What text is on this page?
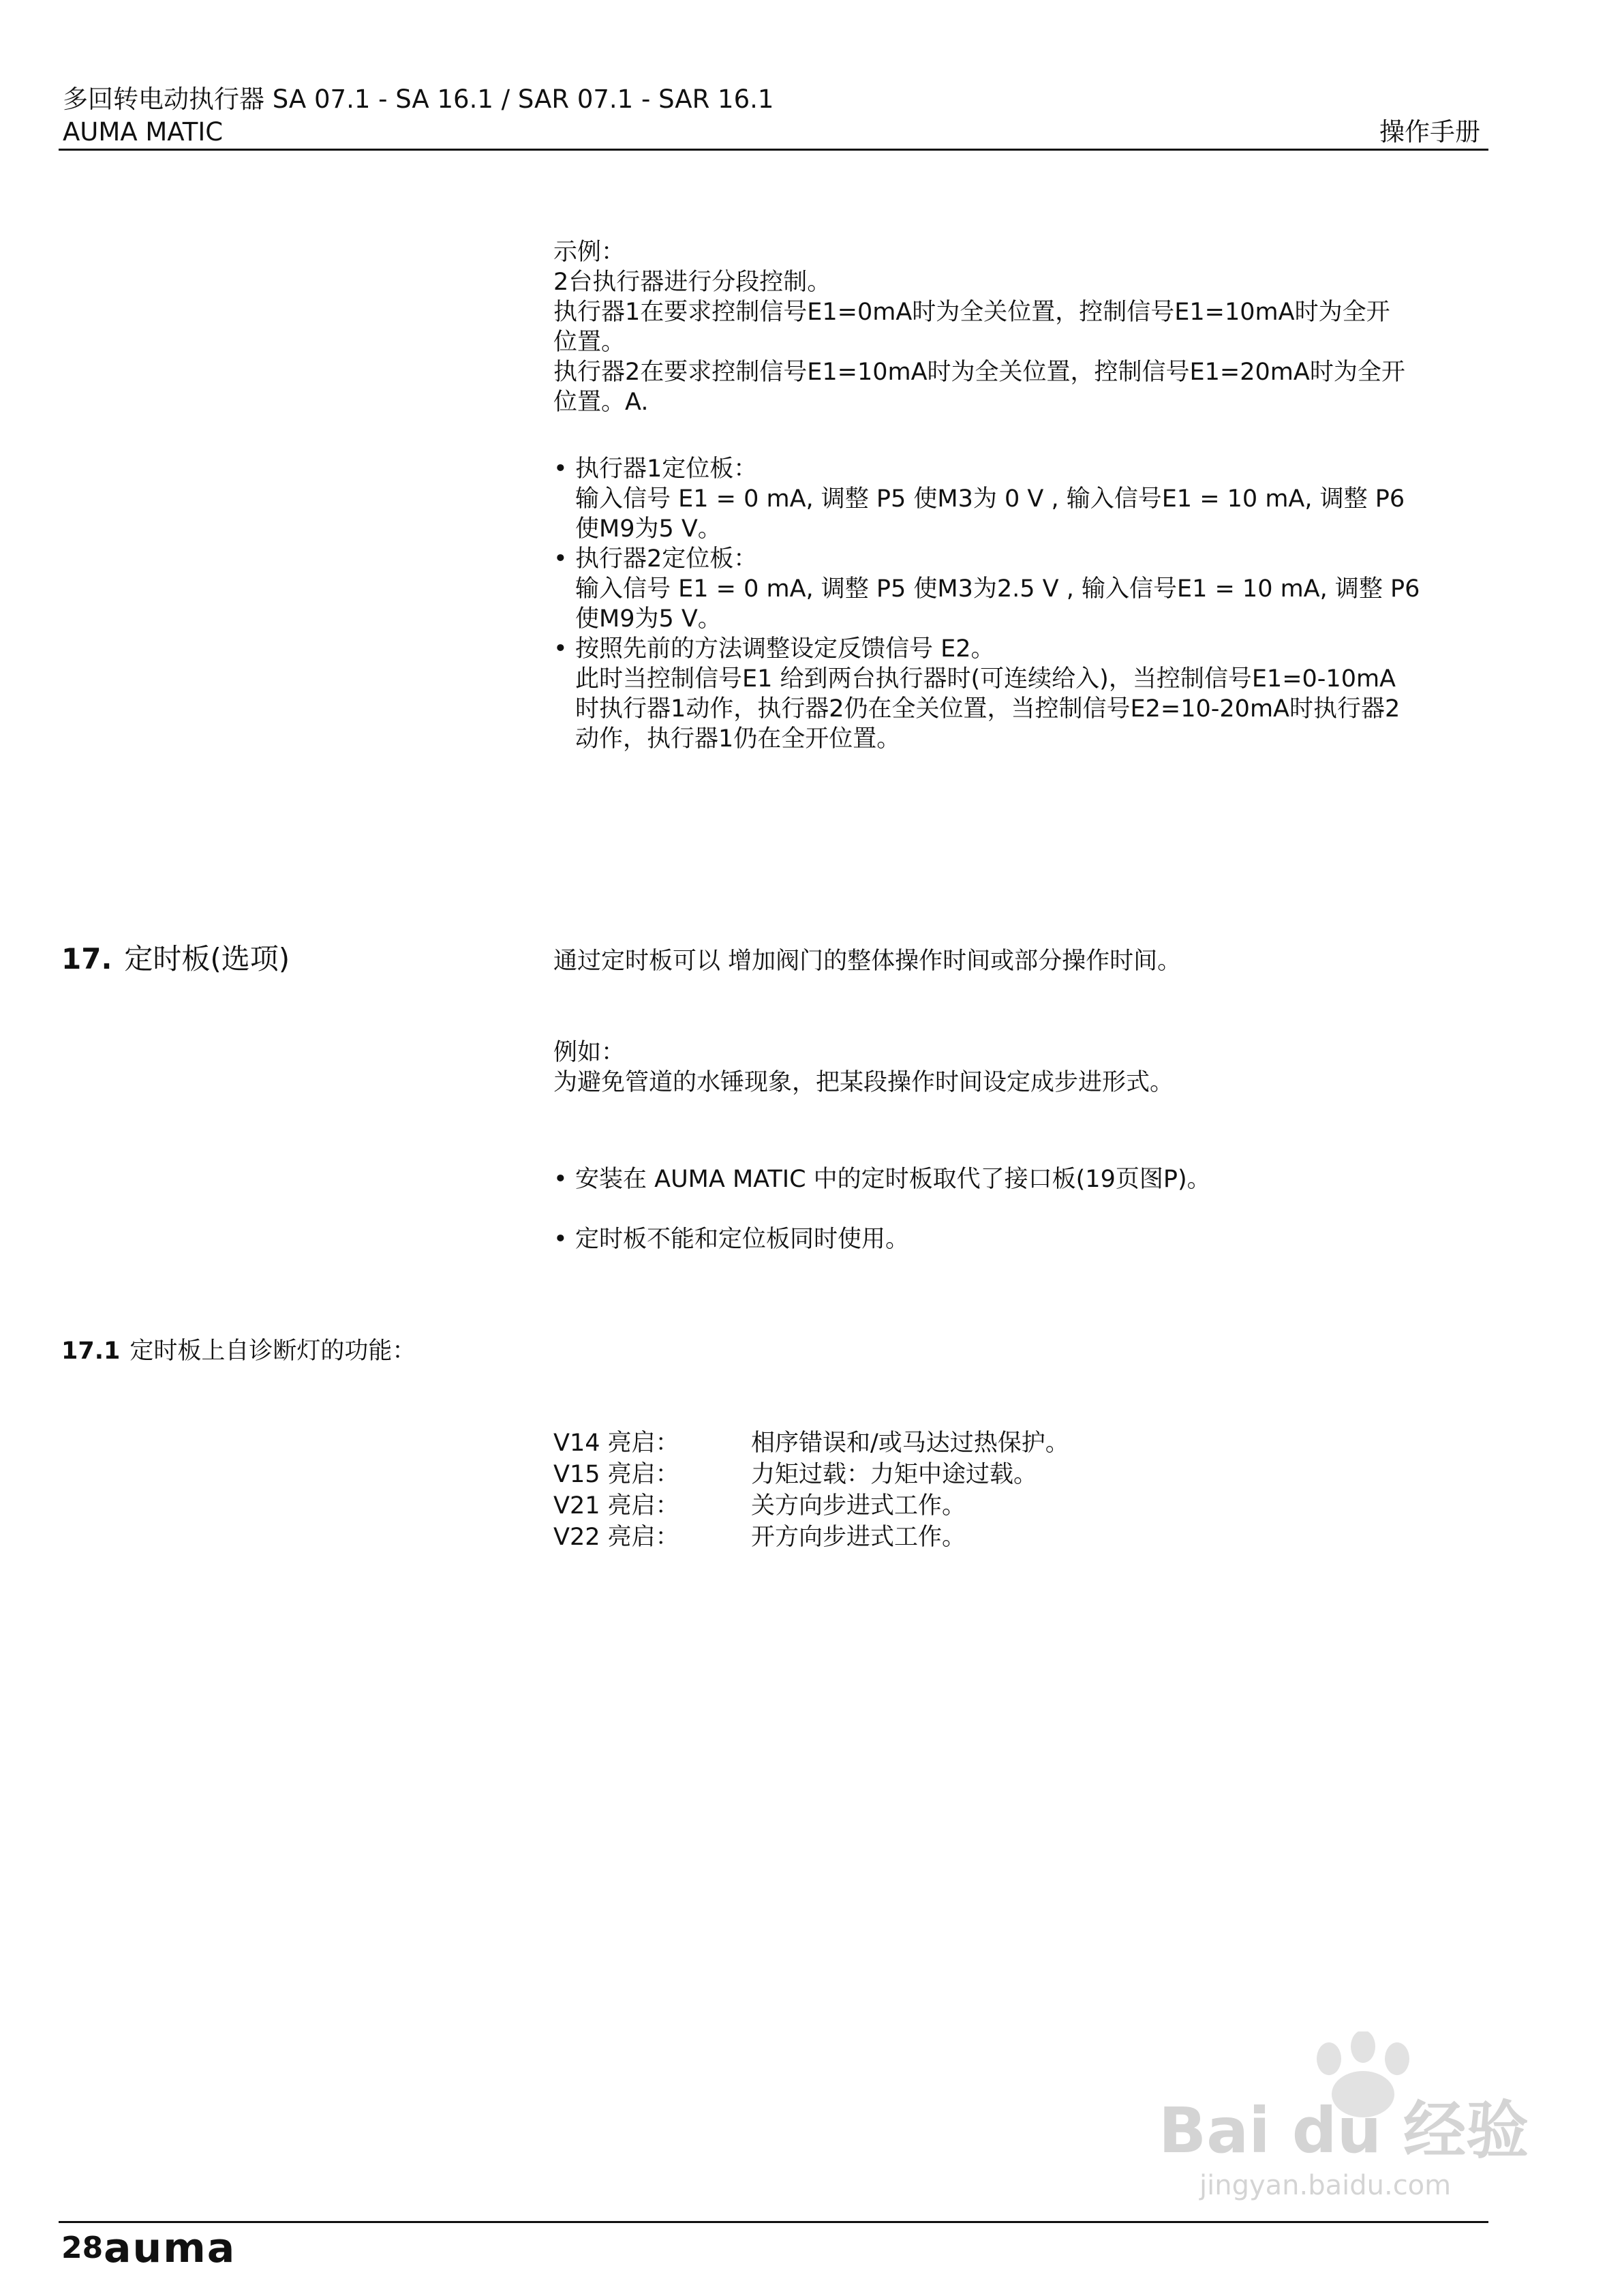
多回转电动执行器 SA 07.1 - SA 16.1 / SAR 07.1 - SAR 16.1
AUMA MATIC	操作手册
示例：
2台执行器进行分段控制。
执行器1在要求控制信号E1=0mA时为全关位置，控制信号E1=10mA时为全开
位置。
执行器2在要求控制信号E1=10mA时为全关位置，控制信号E1=20mA时为全开
位置。A.
• 执行器1定位板：
输入信号 E1 = 0 mA, 调整 P5 使M3为 0 V , 输入信号E1 = 10 mA, 调整 P6
使M9为5 V。
• 执行器2定位板：
输入信号 E1 = 0 mA, 调整 P5 使M3为2.5 V , 输入信号E1 = 10 mA, 调整 P6
使M9为5 V。
• 按照先前的方法调整设定反馈信号 E2。
此时当控制信号E1 给到两台执行器时(可连续给入)，当控制信号E1=0-10mA
时执行器1动作，执行器2仍在全关位置，当控制信号E2=10-20mA时执行器2
动作，执行器1仍在全开位置。
17. 定时板(选项)	通过定时板可以 增加阀门的整体操作时间或部分操作时间。
例如：
为避免管道的水锤现象，把某段操作时间设定成步进形式。
• 安装在 AUMA MATIC 中的定时板取代了接口板(19页图P)。
• 定时板不能和定位板同时使用。
17.1 定时板上自诊断灯的功能：
V14 亮启：	相序错误和/或马达过热保护。
V15 亮启：	力矩过载：力矩中途过载。
V21 亮启：	关方向步进式工作。
V22 亮启：	开方向步进式工作。
Bai du 经验
jingyan.baidu.com
28 auma
